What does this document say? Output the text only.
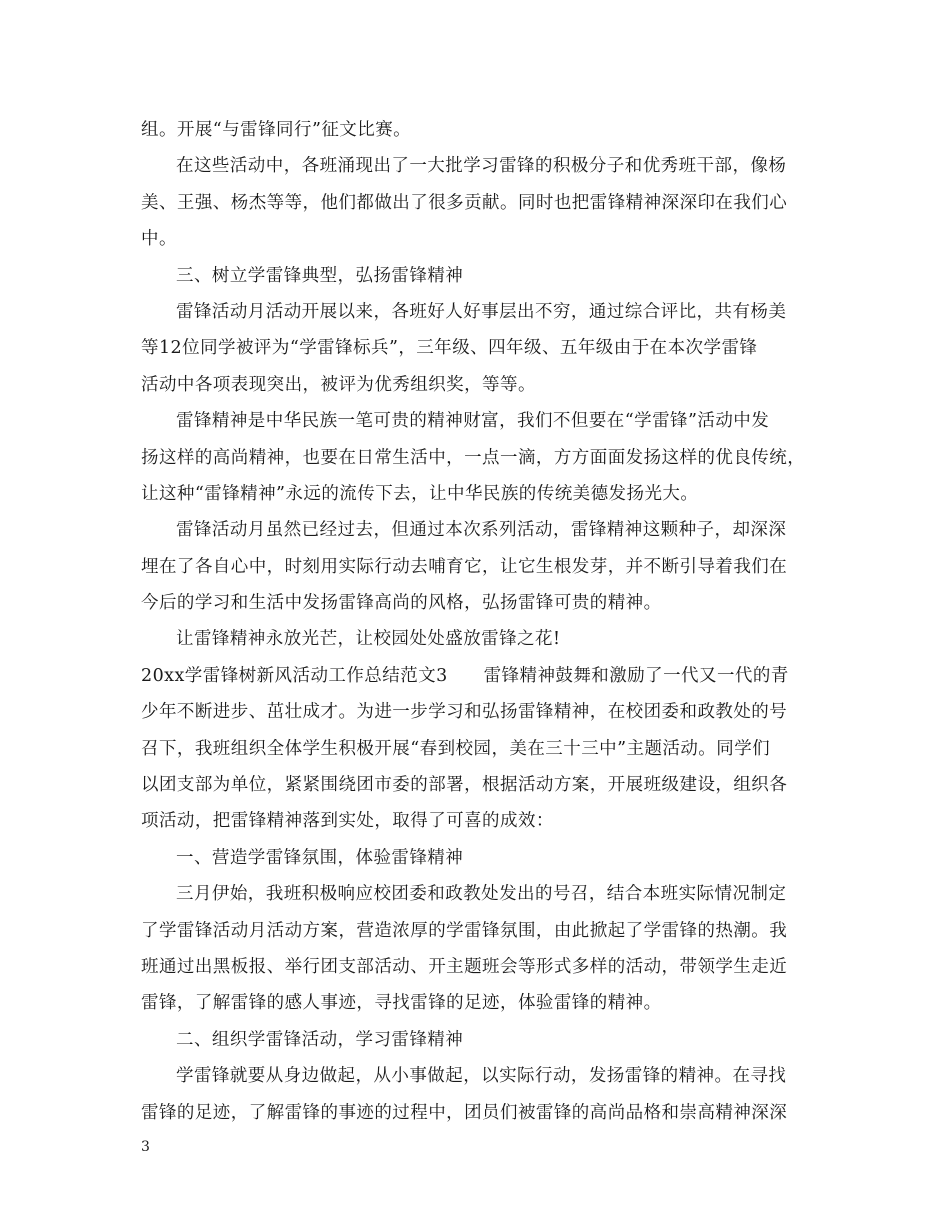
组。开展“与雷锋同行”征文比赛。
在这些活动中，各班涌现出了一大批学习雷锋的积极分子和优秀班干部，像杨
美、王强、杨杰等等，他们都做出了很多贡献。同时也把雷锋精神深深印在我们心
中。
三、树立学雷锋典型，弘扬雷锋精神
雷锋活动月活动开展以来，各班好人好事层出不穷，通过综合评比，共有杨美
等12位同学被评为“学雷锋标兵”，三年级、四年级、五年级由于在本次学雷锋
活动中各项表现突出，被评为优秀组织奖，等等。
雷锋精神是中华民族一笔可贵的精神财富，我们不但要在“学雷锋”活动中发
扬这样的高尚精神，也要在日常生活中，一点一滴，方方面面发扬这样的优良传统，
让这种“雷锋精神”永远的流传下去，让中华民族的传统美德发扬光大。
雷锋活动月虽然已经过去，但通过本次系列活动，雷锋精神这颗种子，却深深
埋在了各自心中，时刻用实际行动去哺育它，让它生根发芽，并不断引导着我们在
今后的学习和生活中发扬雷锋高尚的风格，弘扬雷锋可贵的精神。
让雷锋精神永放光芒，让校园处处盛放雷锋之花!
20xx学雷锋树新风活动工作总结范文3　　雷锋精神鼓舞和激励了一代又一代的青
少年不断进步、茁壮成才。为进一步学习和弘扬雷锋精神，在校团委和政教处的号
召下，我班组织全体学生积极开展“春到校园，美在三十三中”主题活动。同学们
以团支部为单位，紧紧围绕团市委的部署，根据活动方案，开展班级建设，组织各
项活动，把雷锋精神落到实处，取得了可喜的成效：
一、营造学雷锋氛围，体验雷锋精神
三月伊始，我班积极响应校团委和政教处发出的号召，结合本班实际情况制定
了学雷锋活动月活动方案，营造浓厚的学雷锋氛围，由此掀起了学雷锋的热潮。我
班通过出黑板报、举行团支部活动、开主题班会等形式多样的活动，带领学生走近
雷锋，了解雷锋的感人事迹，寻找雷锋的足迹，体验雷锋的精神。
二、组织学雷锋活动，学习雷锋精神
学雷锋就要从身边做起，从小事做起，以实际行动，发扬雷锋的精神。在寻找
雷锋的足迹，了解雷锋的事迹的过程中，团员们被雷锋的高尚品格和崇高精神深深
3
